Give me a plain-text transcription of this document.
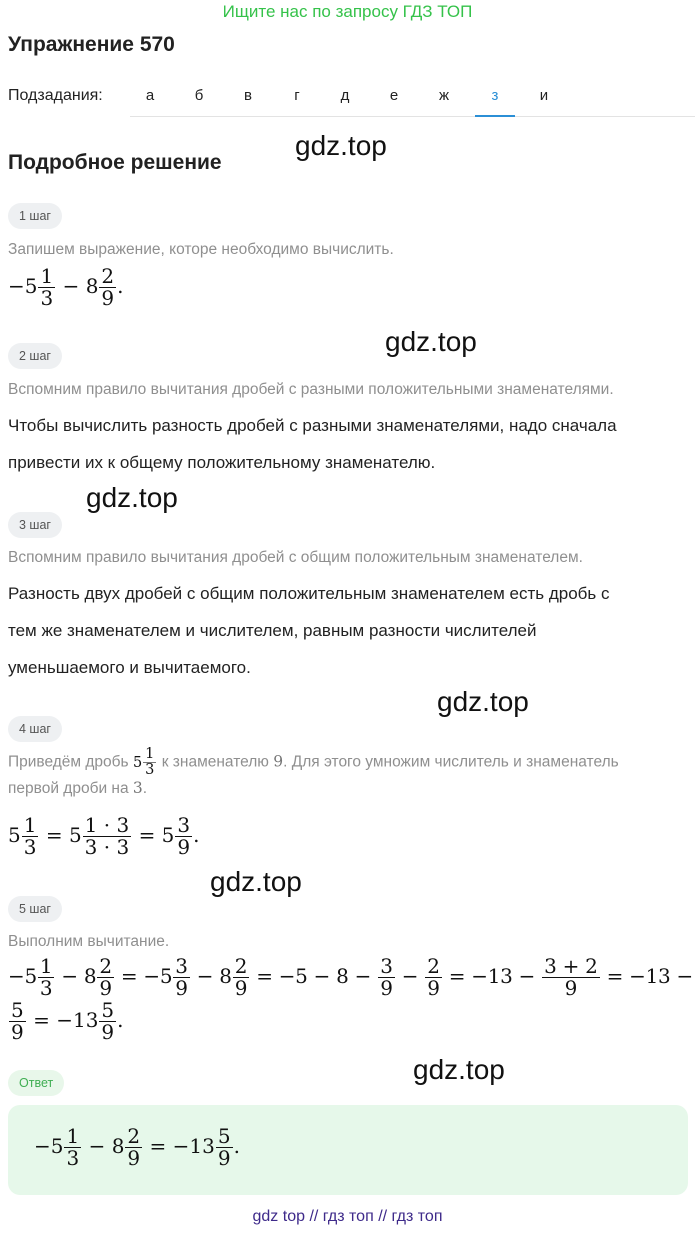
Ищите нас по запросу ГДЗ ТОП
Упражнение 570
Подзадания:	а	б	в	г	д	е	ж	з	и
Подробное решение
gdz.top
gdz.top
gdz.top
gdz.top
gdz.top
gdz.top
1 шаг
Запишем выражение, которе необходимо вычислить.
$-5 \frac{1}{3} - 8 \frac{2}{9}$ .
2 шаг
Вспомним правило вычитания дробей с разными положительными знаменателями.
Чтобы вычислить разность дробей с разными знаменателями, надо сначала
привести их к общему положительному знаменателю.
3 шаг
Вспомним правило вычитания дробей с общим положительным знаменателем.
Разность двух дробей с общим положительным знаменателем есть дробь с
тем же знаменателем и числителем, равным разности числителей
уменьшаемого и вычитаемого.
4 шаг
Приведём дробь $5 \frac{1}{3}$ к знаменателю 9. Для этого умножим числитель и знаменатель
первой дроби на 3.
$5 \frac{1}{3} = 5 \frac{1 \cdot 3}{3 \cdot 3} = 5 \frac{3}{9}$ .
5 шаг
Выполним вычитание.
$-5 \frac{1}{3} - 8 \frac{2}{9} = -5 \frac{3}{9} - 8 \frac{2}{9} = -5 - 8 - \frac{3}{9} - \frac{2}{9} = -13 - \frac{3 + 2}{9} = -13$ −
$\frac{5}{9} = -13 \frac{5}{9}$ .
Ответ
$-5 \frac{1}{3} - 8 \frac{2}{9} = -13 \frac{5}{9}$ .
gdz top // гдз топ // гдз топ
